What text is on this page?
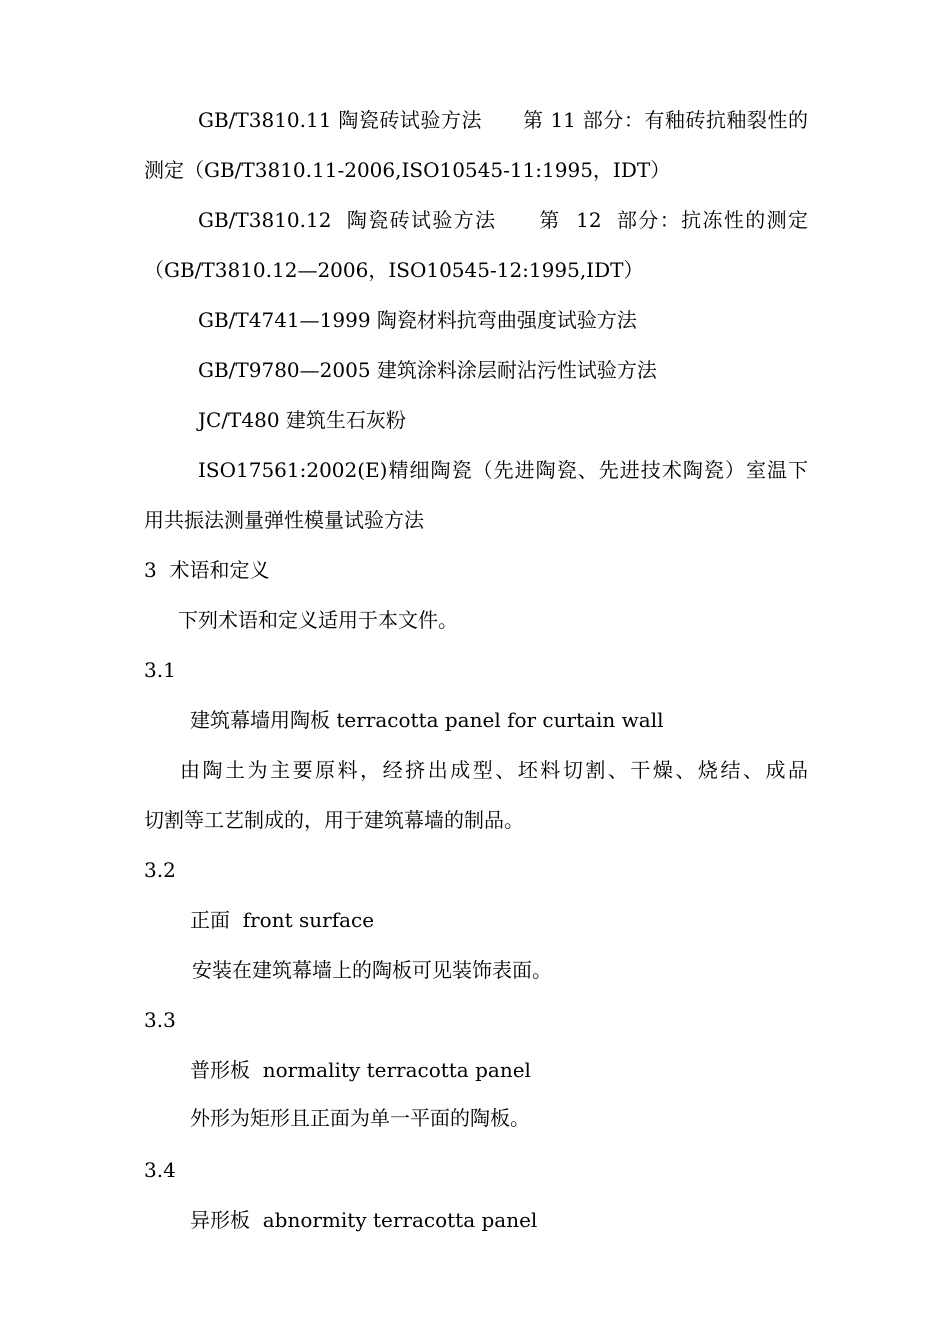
GB/T3810.11 陶瓷砖试验方法　　第 11 部分：有釉砖抗釉裂性的
测定（GB/T3810.11-2006,ISO10545-11:1995，IDT）
GB/T3810.12  陶瓷砖试验方法　　第  12  部分：抗冻性的测定
（GB/T3810.12—2006，ISO10545-12:1995,IDT）
GB/T4741—1999 陶瓷材料抗弯曲强度试验方法
GB/T9780—2005 建筑涂料涂层耐沾污性试验方法
JC/T480 建筑生石灰粉
ISO17561:2002(E)精细陶瓷（先进陶瓷、先进技术陶瓷）室温下
用共振法测量弹性模量试验方法
3  术语和定义
下列术语和定义适用于本文件。
3.1
建筑幕墙用陶板 terracotta panel for curtain wall
由陶土为主要原料，经挤出成型、坯料切割、干燥、烧结、成品
切割等工艺制成的，用于建筑幕墙的制品。
3.2
正面  front surface
安装在建筑幕墙上的陶板可见装饰表面。
3.3
普形板  normality terracotta panel
外形为矩形且正面为单一平面的陶板。
3.4
异形板  abnormity terracotta panel
